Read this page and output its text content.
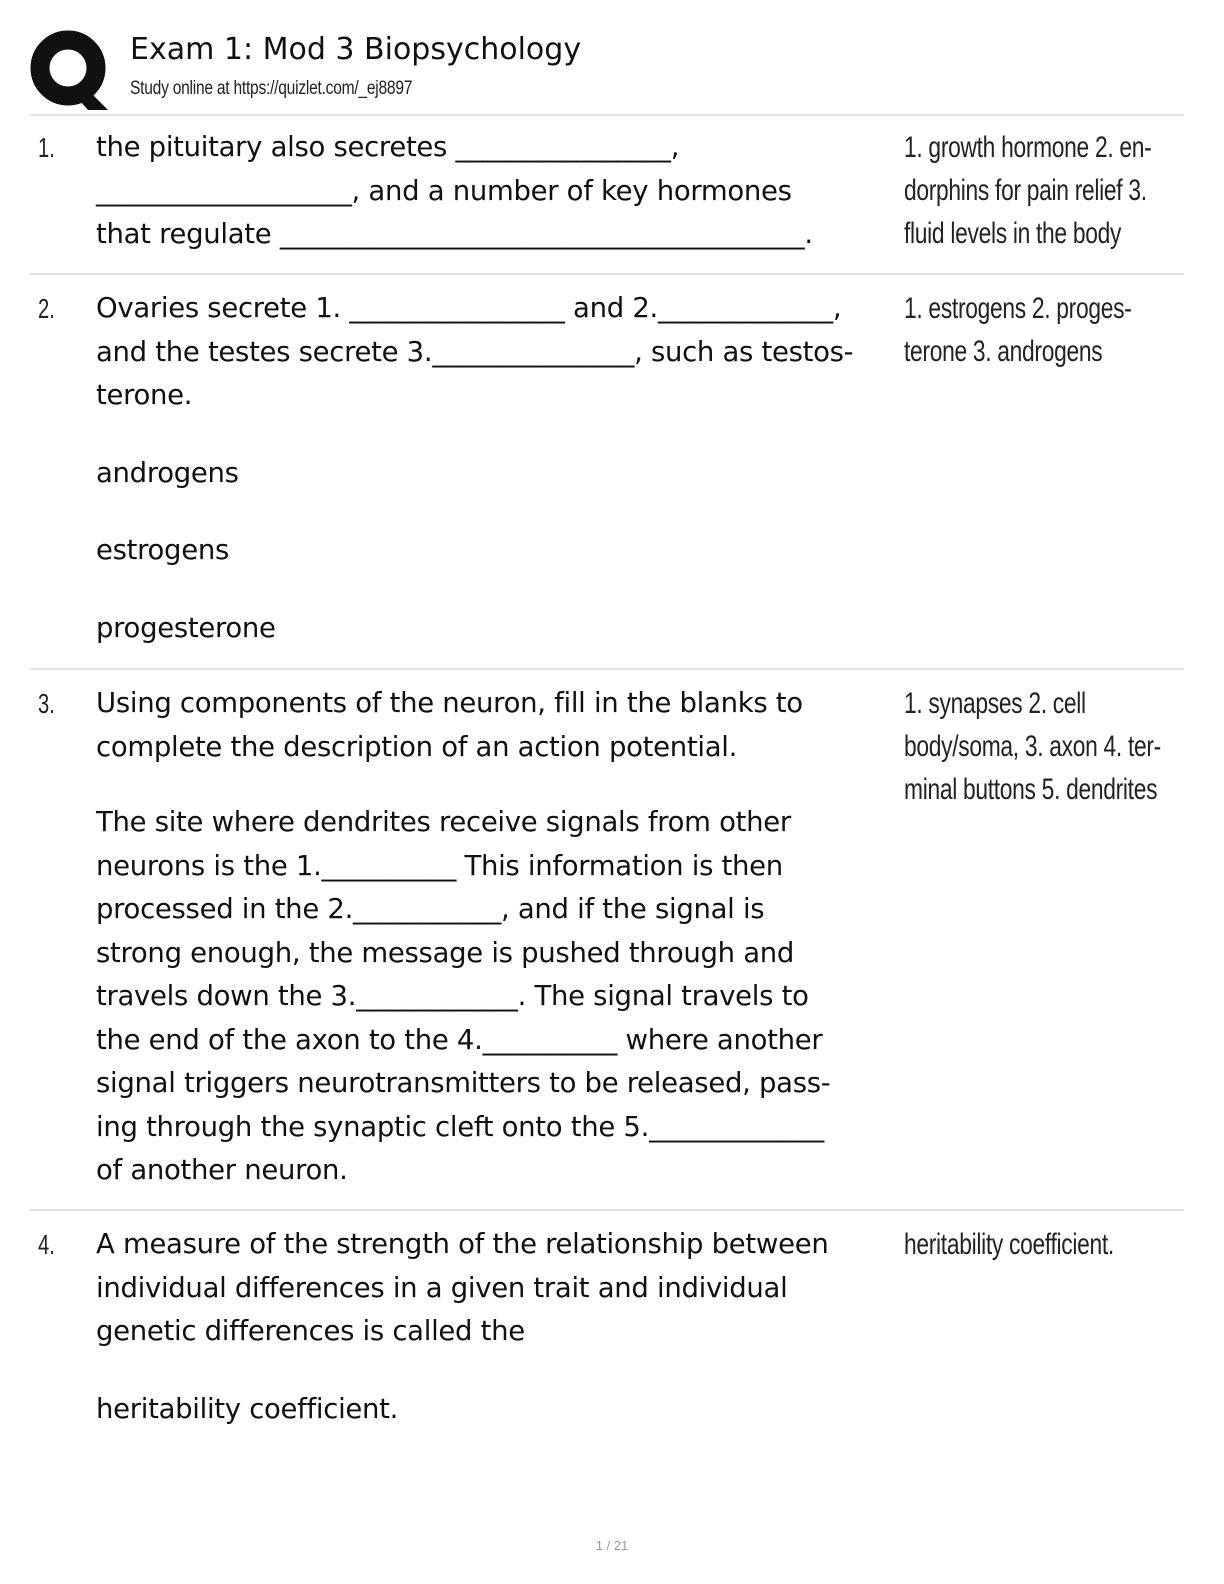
Exam 1: Mod 3 Biopsychology
Study online at https://quizlet.com/_ej8897
1. the pituitary also secretes ________________,

___________________, and a number of key hormones

that regulate _______________________________________.

1. growth hormone 2. en-
dorphins for pain relief 3.
fluid levels in the body
2. Ovaries secrete 1. ________________ and 2._____________,

and the testes secrete 3._______________, such as testos-

terone.

androgens

estrogens

progesterone

1. estrogens 2. proges-
terone 3. androgens
3. Using components of the neuron, fill in the blanks to

complete the description of an action potential.

The site where dendrites receive signals from other

neurons is the 1.__________ This information is then

processed in the 2.___________, and if the signal is

strong enough, the message is pushed through and

travels down the 3.____________. The signal travels to

the end of the axon to the 4.__________ where another

signal triggers neurotransmitters to be released, pass-

ing through the synaptic cleft onto the 5._____________

of another neuron.

1. synapses 2. cell
body/soma, 3. axon 4. ter-
minal buttons 5. dendrites
4. A measure of the strength of the relationship between

individual differences in a given trait and individual

genetic differences is called the

heritability coefficient.

heritability coefficient.
1 / 21
